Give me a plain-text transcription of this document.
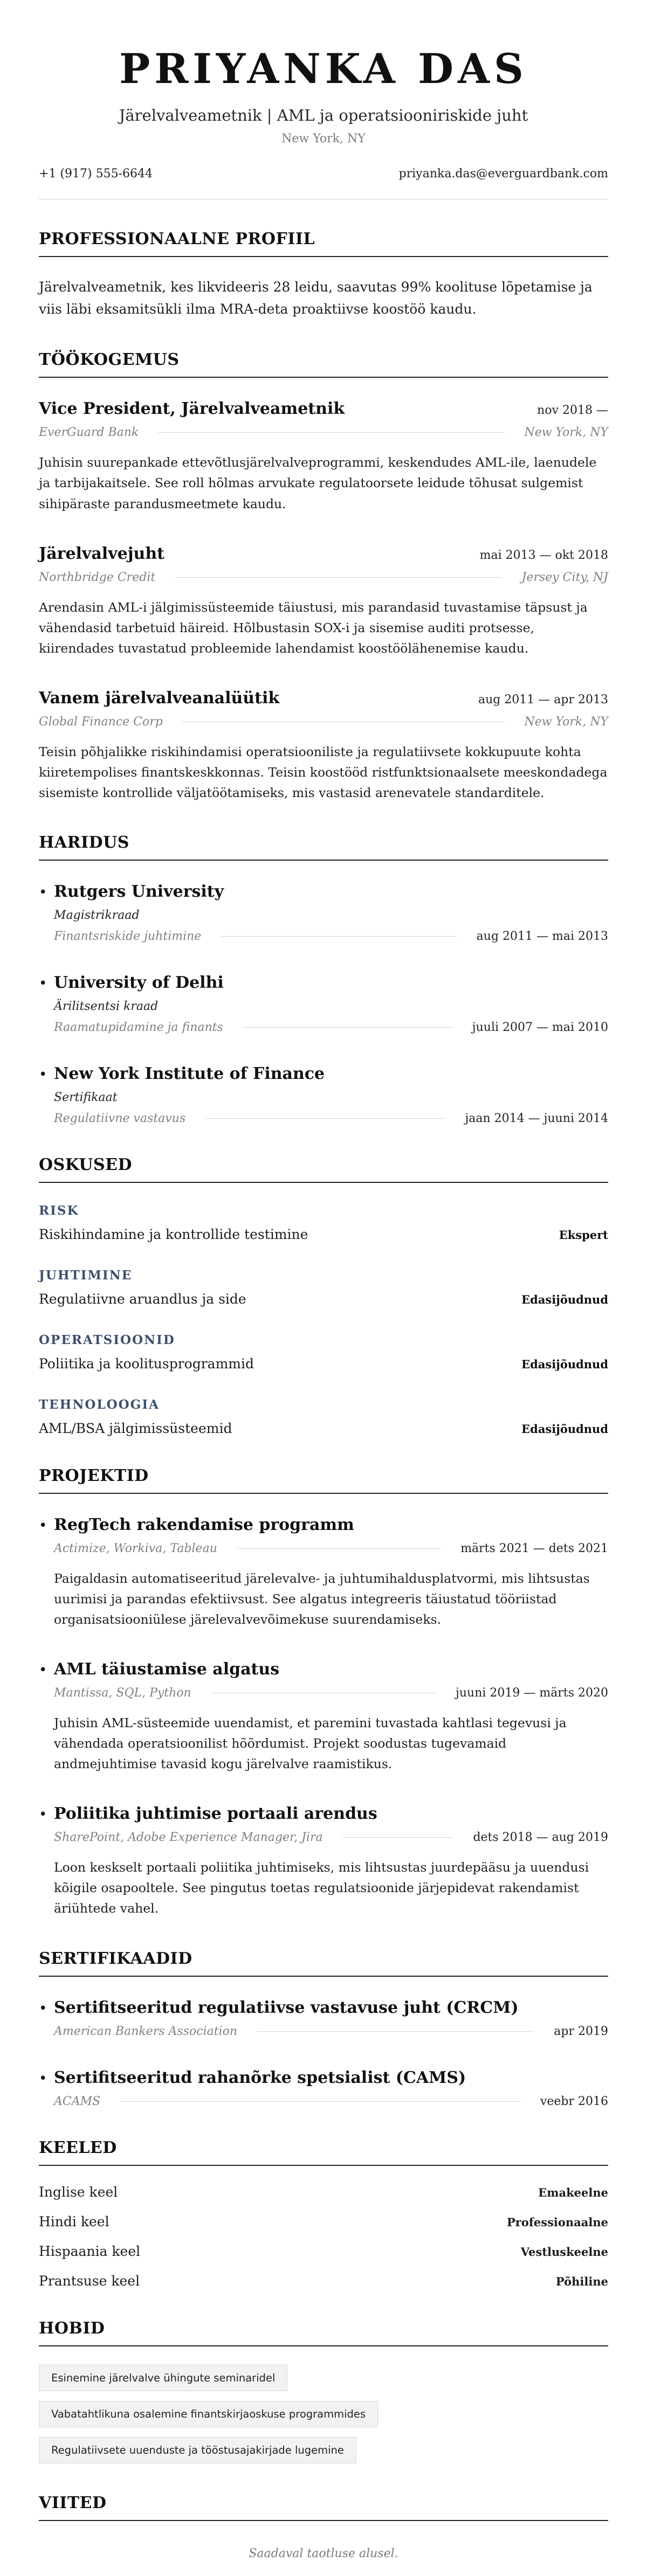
PRIYANKA DAS
Järelvalveametnik | AML ja operatsiooniriskide juht
New York, NY
+1 (917) 555-6644	priyanka.das@everguardbank.com
PROFESSIONAALNE PROFIIL
Järelvalveametnik, kes likvideeris 28 leidu, saavutas 99% koolituse lõpetamise ja viis läbi eksamitsükli ilma MRA-deta proaktiivse koostöö kaudu.
TÖÖKOGEMUS
Vice President, Järelvalveametnik	nov 2018 —
EverGuard Bank	New York, NY
Juhisin suurepankade ettevõtlusjärelvalveprogrammi, keskendudes AML-ile, laenudele ja tarbijakaitsele. See roll hõlmas arvukate regulatoorsete leidude tõhusat sulgemist sihipäraste parandusmeetmete kaudu.
Järelvalvejuht	mai 2013 — okt 2018
Northbridge Credit	Jersey City, NJ
Arendasin AML-i jälgimissüsteemide täiustusi, mis parandasid tuvastamise täpsust ja vähendasid tarbetuid häireid. Hõlbustasin SOX-i ja sisemise auditi protsesse, kiirendades tuvastatud probleemide lahendamist koostöölähenemise kaudu.
Vanem järelvalveanalüütik	aug 2011 — apr 2013
Global Finance Corp	New York, NY
Teisin põhjalikke riskihindamisi operatsiooniliste ja regulatiivsete kokkupuute kohta kiiretempolises finantskeskkonnas. Teisin koostööd ristfunktsionaalsete meeskondadega sisemiste kontrollide väljatöötamiseks, mis vastasid arenevatele standarditele.
HARIDUS
• Rutgers University
Magistrikraad
Finantsriskide juhtimine	aug 2011 — mai 2013
• University of Delhi
Ärilitsentsi kraad
Raamatupidamine ja finants	juuli 2007 — mai 2010
• New York Institute of Finance
Sertifikaat
Regulatiivne vastavus	jaan 2014 — juuni 2014
OSKUSED
RISK
Riskihindamine ja kontrollide testimine	Ekspert
JUHTIMINE
Regulatiivne aruandlus ja side	Edasijõudnud
OPERATSIOONID
Poliitika ja koolitusprogrammid	Edasijõudnud
TEHNOLOOGIA
AML/BSA jälgimissüsteemid	Edasijõudnud
PROJEKTID
• RegTech rakendamise programm
Actimize, Workiva, Tableau	märts 2021 — dets 2021
Paigaldasin automatiseeritud järelevalve- ja juhtumihaldusplatvormi, mis lihtsustas uurimisi ja parandas efektiivsust. See algatus integreeris täiustatud tööriistad organisatsiooniülese järelevalvevõimekuse suurendamiseks.
• AML täiustamise algatus
Mantissa, SQL, Python	juuni 2019 — märts 2020
Juhisin AML-süsteemide uuendamist, et paremini tuvastada kahtlasi tegevusi ja vähendada operatsioonilist hõõrdumist. Projekt soodustas tugevamaid andmejuhtimise tavasid kogu järelvalve raamistikus.
• Poliitika juhtimise portaali arendus
SharePoint, Adobe Experience Manager, Jira	dets 2018 — aug 2019
Loon keskselt portaali poliitika juhtimiseks, mis lihtsustas juurdepääsu ja uuendusi kõigile osapooltele. See pingutus toetas regulatsioonide järjepidevat rakendamist äriühtede vahel.
SERTIFIKAADID
• Sertifitseeritud regulatiivse vastavuse juht (CRCM)
American Bankers Association	apr 2019
• Sertifitseeritud rahanõrke spetsialist (CAMS)
ACAMS	veebr 2016
KEELED
Inglise keel	Emakeelne
Hindi keel	Professionaalne
Hispaania keel	Vestluskeelne
Prantsuse keel	Põhiline
HOBID
Esinemine järelvalve ühingute seminaridel
Vabatahtlikuna osalemine finantskirjaoskuse programmides
Regulatiivsete uuenduste ja tööstusajakirjade lugemine
VIITED
Saadaval taotluse alusel.
